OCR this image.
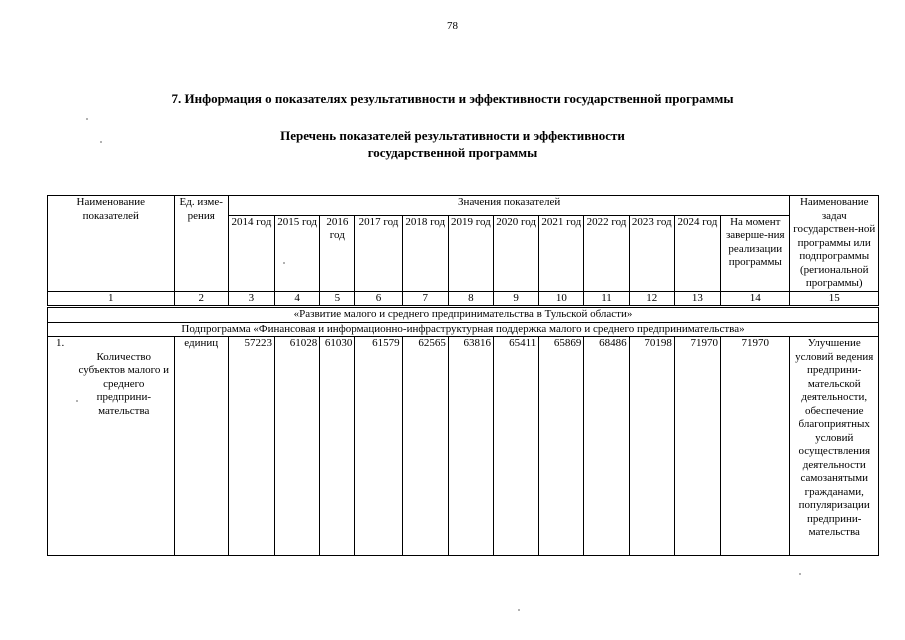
78
7. Информация о показателях результативности и эффективности государственной программы
Перечень показателей результативности и эффективности
государственной программы
Наименование показателей	Ед. изме-рения	Значения показателей												Наименование задач государствен-ной программы или подпрограммы (региональной программы)
		2014 год	2015 год	2016 год	2017 год	2018 год	2019 год	2020 год	2021 год	2022 год	2023 год	2024 год	На момент заверше-ния реализации программы	
1	2	3	4	5	6	7	8	9	10	11	12	13	14	15
«Развитие малого и среднего предпринимательства в Тульской области»														
Подпрограмма «Финансовая и информационно-инфраструктурная поддержка малого и среднего предпринимательства»														
1.
Количество субъектов малого и среднего предприни-мательства	единиц	57223	61028	61030	61579	62565	63816	65411	65869	68486	70198	71970	71970	Улучшение условий ведения предприни-мательской деятельности, обеспечение благоприятных условий осуществления деятельности самозанятыми гражданами, популяризации предприни-мательства
